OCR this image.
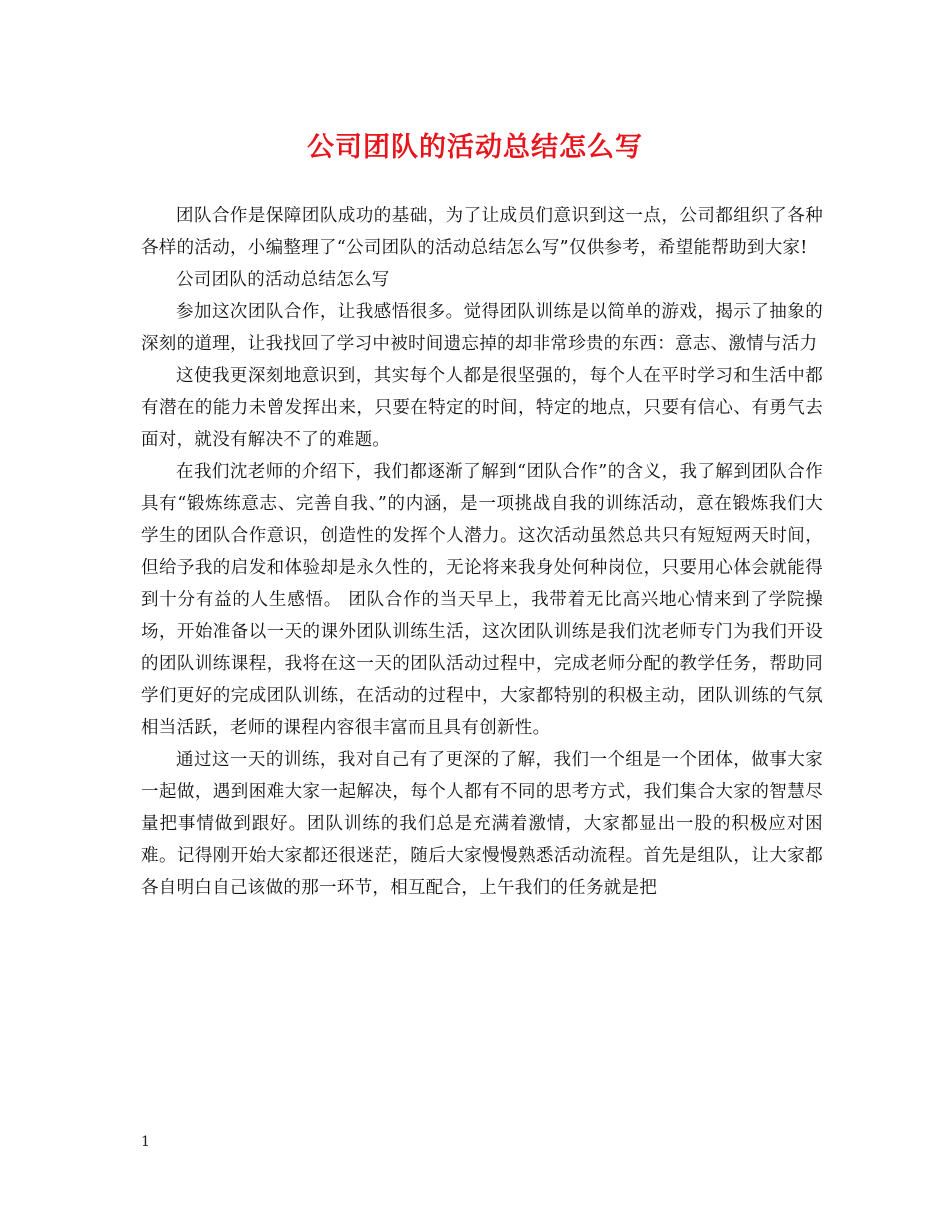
公司团队的活动总结怎么写

团队合作是保障团队成功的基础，为了让成员们意识到这一点，公司都组织了各种各样的活动，小编整理了“公司团队的活动总结怎么写”仅供参考，希望能帮助到大家!

公司团队的活动总结怎么写

参加这次团队合作，让我感悟很多。觉得团队训练是以简单的游戏，揭示了抽象的深刻的道理，让我找回了学习中被时间遗忘掉的却非常珍贵的东西：意志、激情与活力

这使我更深刻地意识到，其实每个人都是很坚强的，每个人在平时学习和生活中都有潜在的能力未曾发挥出来，只要在特定的时间，特定的地点，只要有信心、有勇气去面对，就没有解决不了的难题。

在我们沈老师的介绍下，我们都逐渐了解到“团队合作”的含义，我了解到团队合作具有“锻炼练意志、完善自我、”的内涵，是一项挑战自我的训练活动，意在锻炼我们大学生的团队合作意识，创造性的发挥个人潜力。这次活动虽然总共只有短短两天时间，但给予我的启发和体验却是永久性的，无论将来我身处何种岗位，只要用心体会就能得到十分有益的人生感悟。 团队合作的当天早上，我带着无比高兴地心情来到了学院操场，开始准备以一天的课外团队训练生活，这次团队训练是我们沈老师专门为我们开设的团队训练课程，我将在这一天的团队活动过程中，完成老师分配的教学任务，帮助同学们更好的完成团队训练，在活动的过程中，大家都特别的积极主动，团队训练的气氛相当活跃，老师的课程内容很丰富而且具有创新性。

通过这一天的训练，我对自己有了更深的了解，我们一个组是一个团体，做事大家一起做，遇到困难大家一起解决，每个人都有不同的思考方式，我们集合大家的智慧尽量把事情做到跟好。团队训练的我们总是充满着激情，大家都显出一股的积极应对困难。记得刚开始大家都还很迷茫，随后大家慢慢熟悉活动流程。首先是组队，让大家都各自明白自己该做的那一环节，相互配合，上午我们的任务就是把

1
